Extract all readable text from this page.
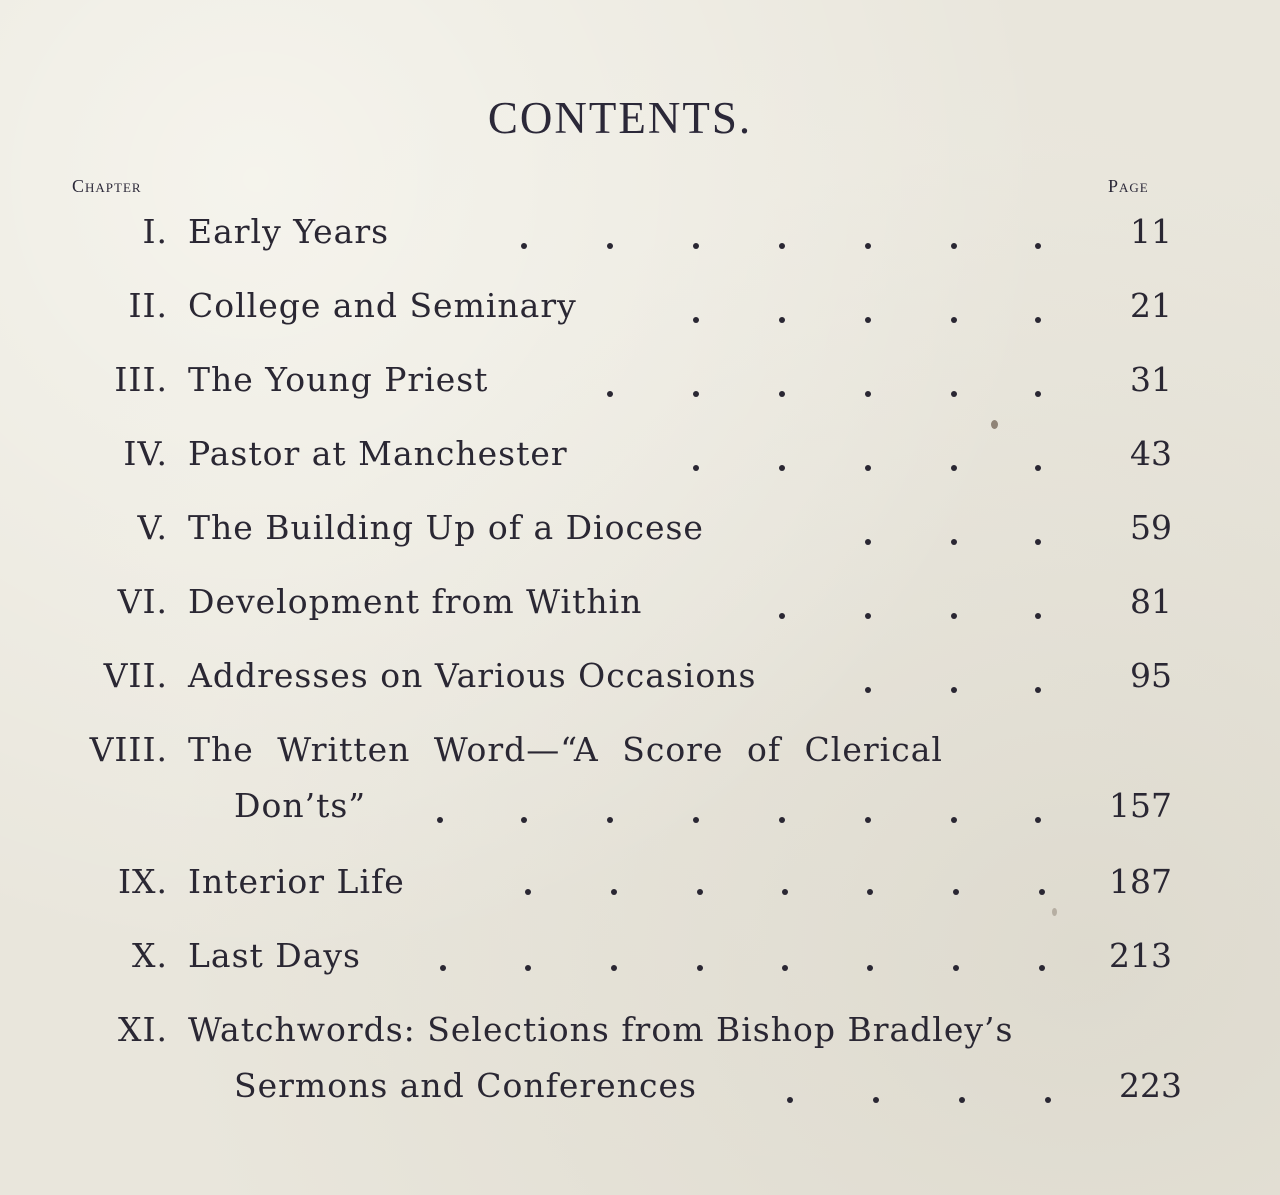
CONTENTS.
Chapter	Page
I. Early Years	11
II. College and Seminary	21
III. The Young Priest	31
IV. Pastor at Manchester	43
V. The Building Up of a Diocese	59
VI. Development from Within	81
VII. Addresses on Various Occasions	95
VIII. The Written Word—“A Score of Clerical
Don’ts”	157
IX. Interior Life	187
X. Last Days	213
XI. Watchwords: Selections from Bishop Bradley’s
Sermons and Conferences	223
